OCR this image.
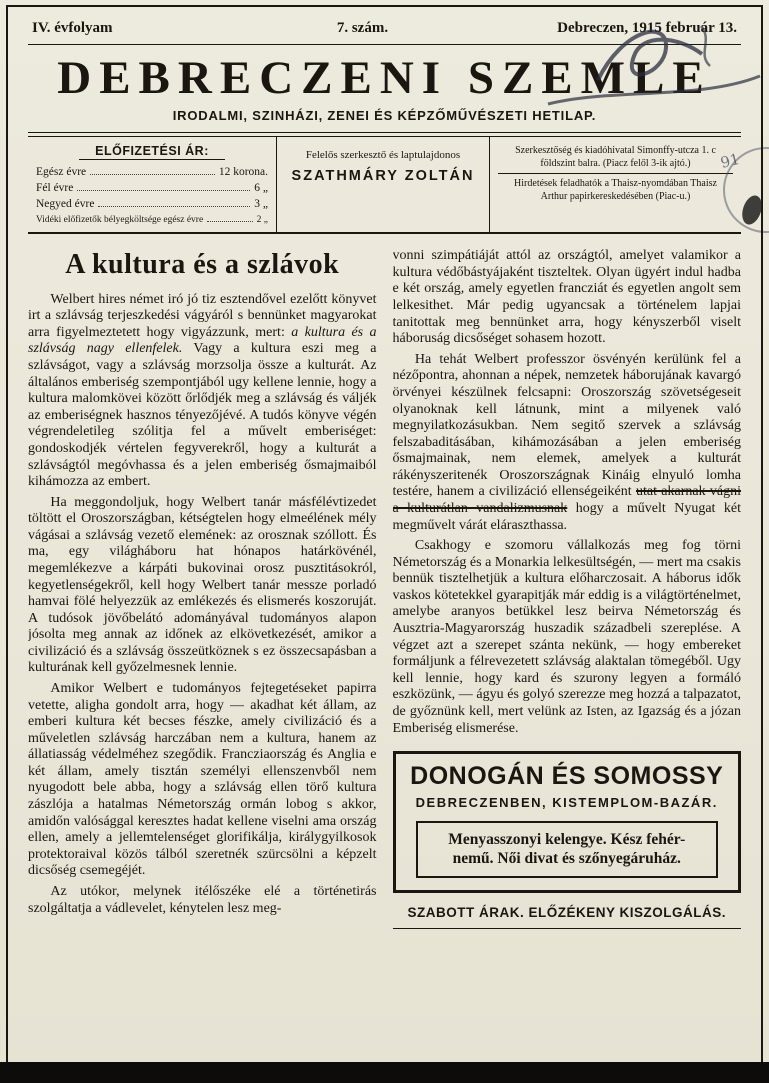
IV. évfolyam	7. szám.	Debreczen, 1915 február 13.
DEBRECZENI SZEMLE
IRODALMI, SZINHÁZI, ZENEI ÉS KÉPZŐMŰVÉSZETI HETILAP.
ELŐFIZETÉSI ÁR:
Egész évre	12 korona.
Fél évre	6 „
Negyed évre	3 „
Vidéki előfizetők bélyegköltsége egész évre	2 „
Felelős szerkesztő és laptulajdonos
SZATHMÁRY ZOLTÁN
Szerkesztőség és kiadóhivatal Simonffy-utcza 1. c földszint balra. (Piacz felől 3-ik ajtó.)
Hirdetések feladhatók a Thaisz-nyomdában Thaisz Arthur papirkereskedésében (Piac-u.)
A kultura és a szlávok

Welbert hires német iró jó tiz esztendővel ezelőtt könyvet irt a szlávság terjeszkedési vágyáról s bennünket magyarokat arra figyelmeztetett hogy vigyázzunk, mert: a kultura és a szlávság nagy ellenfelek. Vagy a kultura eszi meg a szlávságot, vagy a szlávság morzsolja össze a kulturát. Az általános emberiség szempontjából ugy kellene lennie, hogy a kultura malomkövei között őrlődjék meg a szlávság és váljék az emberiségnek hasznos tényezőjévé. A tudós könyve végén végrendeletileg szólitja fel a művelt emberiséget: gondoskodjék vértelen fegyverekről, hogy a kulturát a szlávságtól megóvhassa és a jelen emberiség ősmajmaiból kihámozza az embert.

Ha meggondoljuk, hogy Welbert tanár másfélévtizedet töltött el Oroszországban, kétségtelen hogy elmeélének mély vágásai a szlávság vezető elemének: az orosznak szóllott. És ma, egy világháboru hat hónapos határkövénél, megemlékezve a kárpáti bukovinai orosz pusztitásokról, kegyetlenségekről, kell hogy Welbert tanár messze porladó hamvai fölé helyezzük az emlékezés és elismerés koszoruját. A tudósok jövőbelátó adományával tudományos alapon jósolta meg annak az időnek az elkövetkezését, amikor a civilizáció és a szlávság összeütköznek s ez összecsapásban a kulturának kell győzelmesnek lennie.

Amikor Welbert e tudományos fejtegetéseket papirra vetette, aligha gondolt arra, hogy — akadhat két állam, az emberi kultura két becses fészke, amely civilizáció és a műveletlen szlávság harczában nem a kultura, hanem az állatiasság védelméhez szegődik. Francziaország és Anglia e két állam, amely tisztán személyi ellenszenvből nem nyugodott bele abba, hogy a szlávság ellen törő kultura zászlója a hatalmas Németország ormán lobog s akkor, amidőn valósággal keresztes hadat kellene viselni ama ország ellen, amely a jellemtelenséget glorifikálja, királygyilkosok protektoraival közös tálból szeretnék szürcsölni a képzelt dicsőség csemegéjét.

Az utókor, melynek itélőszéke elé a történetirás szolgáltatja a vádlevelet, kénytelen lesz meg-

vonni szimpátiáját attól az országtól, amelyet valamikor a kultura védőbástyájaként tiszteltek. Olyan ügyért indul hadba e két ország, amely egyetlen francziát és egyetlen angolt sem lelkesithet. Már pedig ugyancsak a történelem lapjai tanitottak meg bennünket arra, hogy kényszerből viselt háboruság dicsőséget sohasem hozott.

Ha tehát Welbert professzor ösvényén kerülünk fel a nézőpontra, ahonnan a népek, nemzetek háborujának kavargó örvényei készülnek felcsapni: Oroszország szövetségeseit olyanoknak kell látnunk, mint a milyenek való megnyilatkozásukban. Nem segitő szervek a szlávság felszabaditásában, kihámozásában a jelen emberiség ősmajmainak, nem elemek, amelyek a kulturát rákényszeritenék Oroszországnak Kináig elnyuló lomha testére, hanem a civilizáció ellenségeiként utat akarnak vágni a kulturátlan vandalizmusnak hogy a művelt Nyugat két megművelt várát eláraszthassa.

Csakhogy e szomoru vállalkozás meg fog törni Németország és a Monarkia lelkesültségén, — mert ma csakis bennük tisztelhetjük a kultura előharczosait. A háborus idők vaskos kötetekkel gyarapitják már eddig is a világtörténelmet, amelybe aranyos betükkel lesz beirva Németország és Ausztria-Magyarország huszadik századbeli szereplése. A végzet azt a szerepet szánta nekünk, — hogy embereket formáljunk a félrevezetett szlávság alaktalan tömegéből. Ugy kell lennie, hogy kard és szurony legyen a formáló eszközünk, — ágyu és golyó szerezze meg hozzá a talpazatot, de győznünk kell, mert velünk az Isten, az Igazság és a józan Emberiség elismerése.

DONOGÁN ÉS SOMOSSY
DEBRECZENBEN, KISTEMPLOM-BAZÁR.
Menyasszonyi kelengye. Kész fehér-
nemű. Női divat és szőnyegáruház.
SZABOTT ÁRAK. ELŐZÉKENY KISZOLGÁLÁS.
91
